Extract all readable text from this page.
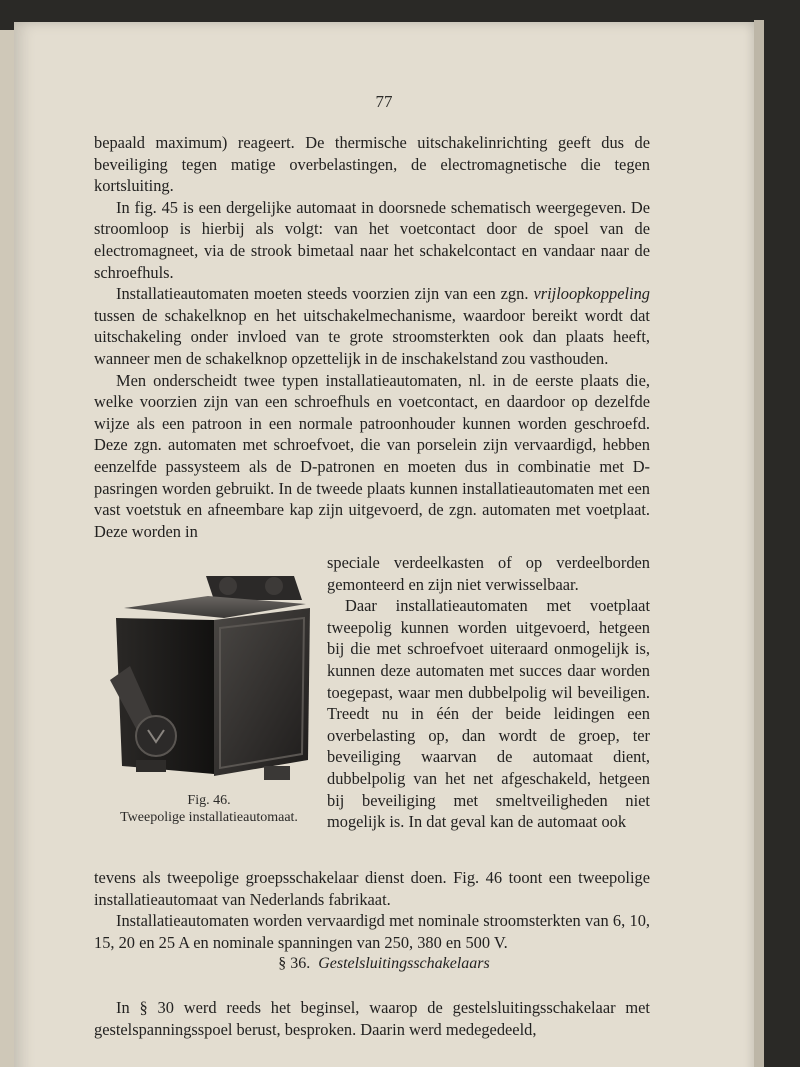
77

bepaald maximum) reageert. De thermische uitschakelinrichting geeft dus de beveiliging tegen matige overbelastingen, de electromagnetische die tegen kortsluiting.

In fig. 45 is een dergelijke automaat in doorsnede schematisch weergegeven. De stroomloop is hierbij als volgt: van het voetcontact door de spoel van de electromagneet, via de strook bimetaal naar het schakelcontact en vandaar naar de schroefhuls.

Installatieautomaten moeten steeds voorzien zijn van een zgn. vrijloopkoppeling tussen de schakelknop en het uitschakelmechanisme, waardoor bereikt wordt dat uitschakeling onder invloed van te grote stroomsterkten ook dan plaats heeft, wanneer men de schakelknop opzettelijk in de inschakelstand zou vasthouden.

Men onderscheidt twee typen installatieautomaten, nl. in de eerste plaats die, welke voorzien zijn van een schroefhuls en voetcontact, en daardoor op dezelfde wijze als een patroon in een normale patroonhouder kunnen worden geschroefd. Deze zgn. automaten met schroefvoet, die van porselein zijn vervaardigd, hebben eenzelfde passysteem als de D-patronen en moeten dus in combinatie met D-pasringen worden gebruikt. In de tweede plaats kunnen installatieautomaten met een vast voetstuk en afneembare kap zijn uitgevoerd, de zgn. automaten met voetplaat. Deze worden in

speciale verdeelkasten of op verdeelborden gemonteerd en zijn niet verwisselbaar.

Daar installatieautomaten met voetplaat tweepolig kunnen worden uitgevoerd, hetgeen bij die met schroefvoet uiteraard onmogelijk is, kunnen deze automaten met succes daar worden toegepast, waar men dubbelpolig wil beveiligen. Treedt nu in één der beide leidingen een overbelasting op, dan wordt de groep, ter beveiliging waarvan de automaat dient, dubbelpolig van het net afgeschakeld, hetgeen bij beveiliging met smeltveiligheden niet mogelijk is. In dat geval kan de automaat ook

Fig. 46.
Tweepolige installatieautomaat.

tevens als tweepolige groepsschakelaar dienst doen. Fig. 46 toont een tweepolige installatieautomaat van Nederlands fabrikaat.

Installatieautomaten worden vervaardigd met nominale stroomsterkten van 6, 10, 15, 20 en 25 A en nominale spanningen van 250, 380 en 500 V.

§ 36. Gestelsluitingsschakelaars

In § 30 werd reeds het beginsel, waarop de gestelsluitingsschakelaar met gestelspanningsspoel berust, besproken. Daarin werd medegedeeld,
